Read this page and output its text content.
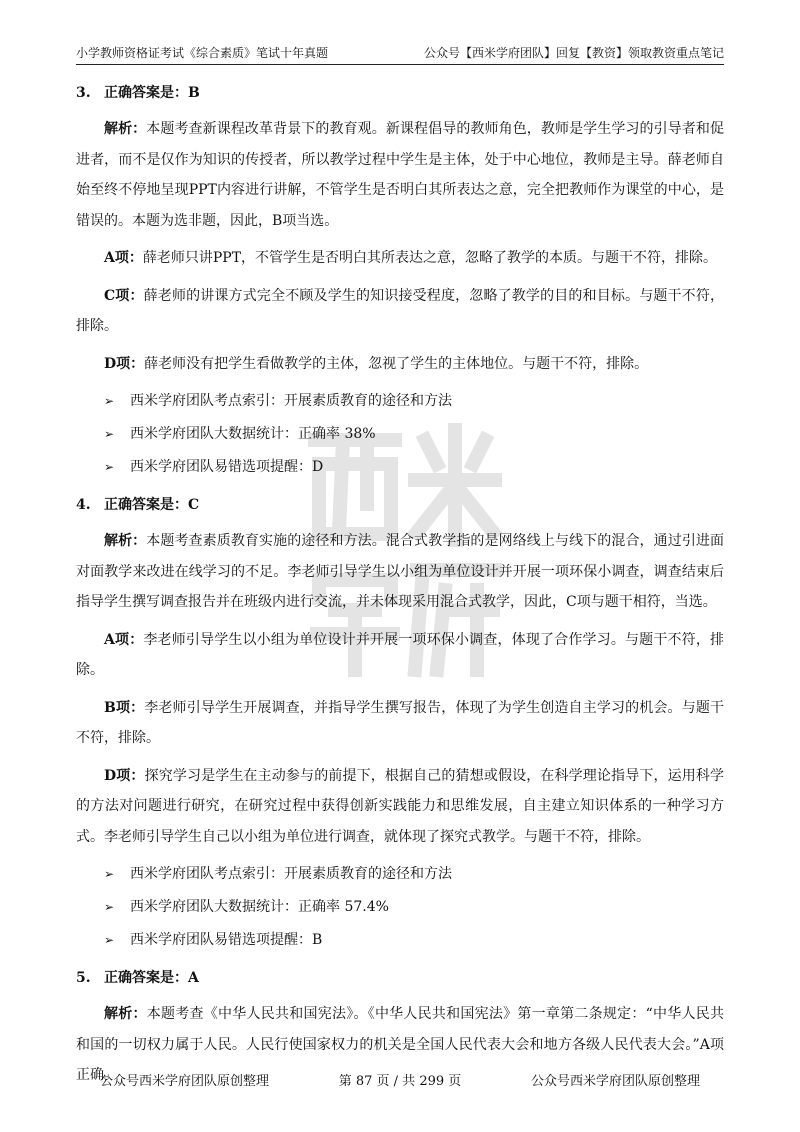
小学教师资格证考试《综合素质》笔试十年真题	公众号【西米学府团队】回复【教资】领取教资重点笔记
3. 正确答案是：B

解析：本题考查新课程改革背景下的教育观。新课程倡导的教师角色，教师是学生学习的引导者和促进者，而不是仅作为知识的传授者，所以教学过程中学生是主体，处于中心地位，教师是主导。薛老师自始至终不停地呈现PPT内容进行讲解，不管学生是否明白其所表达之意，完全把教师作为课堂的中心，是错误的。本题为选非题，因此，B项当选。

A项：薛老师只讲PPT，不管学生是否明白其所表达之意，忽略了教学的本质。与题干不符，排除。

C项：薛老师的讲课方式完全不顾及学生的知识接受程度，忽略了教学的目的和目标。与题干不符，排除。

D项：薛老师没有把学生看做教学的主体，忽视了学生的主体地位。与题干不符，排除。

➢ 西米学府团队考点索引：开展素质教育的途径和方法
➢ 西米学府团队大数据统计：正确率 38%
➢ 西米学府团队易错选项提醒：D
4. 正确答案是：C

解析：本题考查素质教育实施的途径和方法。混合式教学指的是网络线上与线下的混合，通过引进面对面教学来改进在线学习的不足。李老师引导学生以小组为单位设计并开展一项环保小调查，调查结束后指导学生撰写调查报告并在班级内进行交流，并未体现采用混合式教学，因此，C项与题干相符，当选。

A项：李老师引导学生以小组为单位设计并开展一项环保小调查，体现了合作学习。与题干不符，排除。

B项：李老师引导学生开展调查，并指导学生撰写报告，体现了为学生创造自主学习的机会。与题干不符，排除。

D项：探究学习是学生在主动参与的前提下，根据自己的猜想或假设，在科学理论指导下，运用科学的方法对问题进行研究，在研究过程中获得创新实践能力和思维发展，自主建立知识体系的一种学习方式。李老师引导学生自己以小组为单位进行调查，就体现了探究式教学。与题干不符，排除。

➢ 西米学府团队考点索引：开展素质教育的途径和方法
➢ 西米学府团队大数据统计：正确率 57.4%
➢ 西米学府团队易错选项提醒：B
5. 正确答案是：A

解析：本题考查《中华人民共和国宪法》。《中华人民共和国宪法》第一章第二条规定：“中华人民共和国的一切权力属于人民。人民行使国家权力的机关是全国人民代表大会和地方各级人民代表大会。”A项正确。

公众号西米学府团队原创整理	第 87 页 / 共 299 页	公众号西米学府团队原创整理
